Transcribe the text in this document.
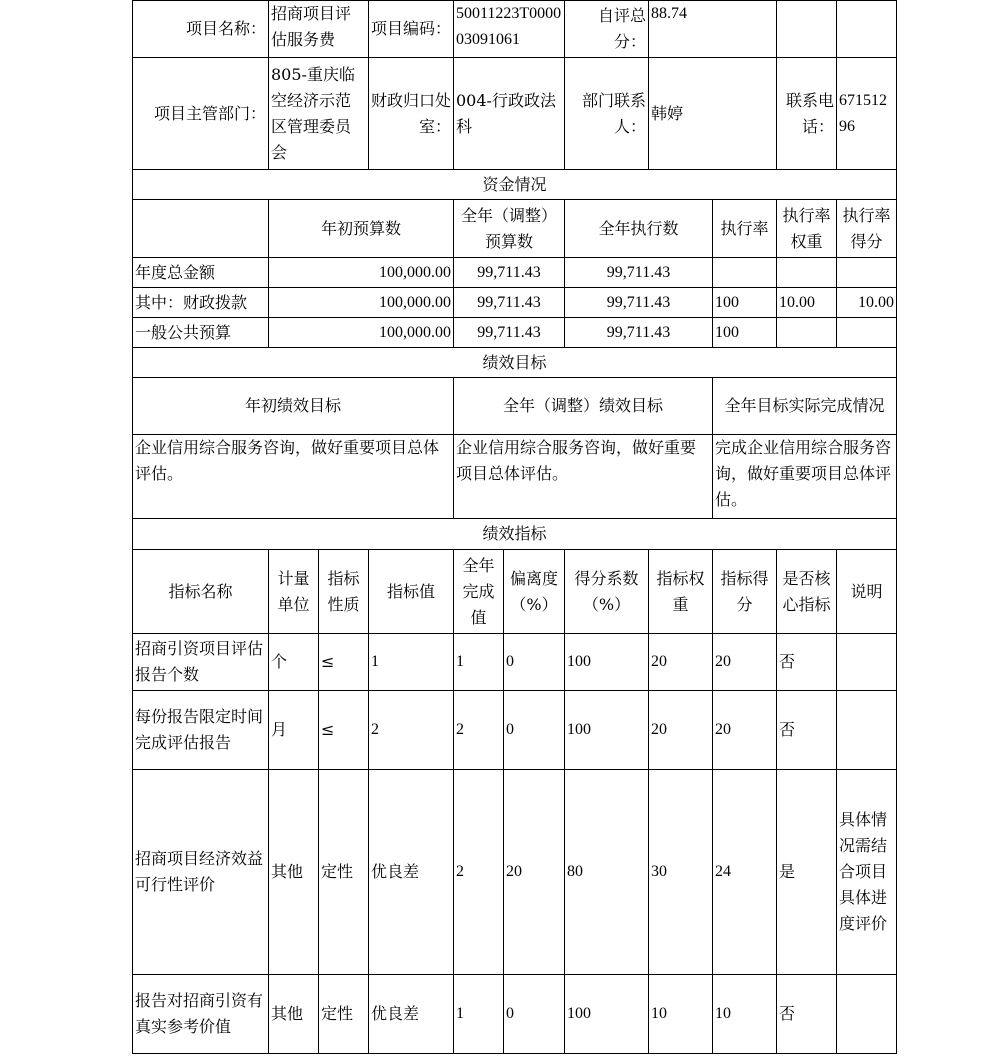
项目名称：	招商项目评估服务费		项目编码：	50011223T000003091061		自评总分：	88.74			
项目主管部门：	805-重庆临空经济示范区管理委员会		财政归口处室：	004-行政政法科		部门联系人：	韩婷		联系电话：	67151296
资金情况										
	年初预算数			全年（调整）预算数		全年执行数		执行率	执行率权重	执行率得分
年度总金额	100,000.00			99,711.43		99,711.43				
其中：财政拨款	100,000.00			99,711.43		99,711.43		100	10.00	10.00
一般公共预算	100,000.00			99,711.43		99,711.43		100		
绩效目标										
年初绩效目标				全年（调整）绩效目标				全年目标实际完成情况		
企业信用综合服务咨询，做好重要项目总体评估。				企业信用综合服务咨询，做好重要项目总体评估。				完成企业信用综合服务咨询，做好重要项目总体评估。		
绩效指标										
指标名称	计量单位	指标性质	指标值	全年完成值	偏离度（%）	得分系数（%）	指标权重	指标得分	是否核心指标	说明
招商引资项目评估报告个数	个	≤	1	1	0	100	20	20	否	
每份报告限定时间完成评估报告	月	≤	2	2	0	100	20	20	否	
招商项目经济效益可行性评价	其他	定性	优良差	2	20	80	30	24	是	具体情况需结合项目具体进度评价
报告对招商引资有真实参考价值	其他	定性	优良差	1	0	100	10	10	否	
